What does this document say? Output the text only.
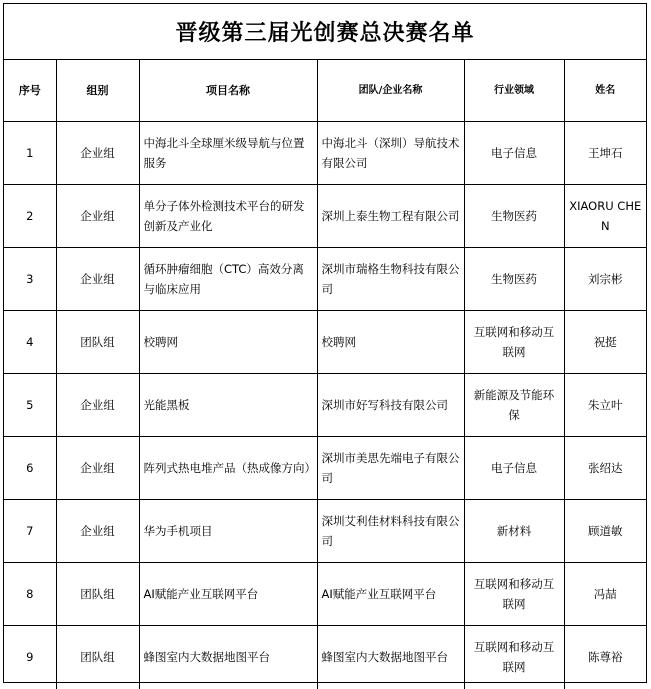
晋级第三届光创赛总决赛名单
序号	组别	项目名称	团队/企业名称	行业领域	姓名
1	企业组	中海北斗全球厘米级导航与位置服务	中海北斗（深圳）导航技术有限公司	电子信息	王坤石
2	企业组	单分子体外检测技术平台的研发创新及产业化	深圳上泰生物工程有限公司	生物医药	XIAORU CHEN
3	企业组	循环肿瘤细胞（CTC）高效分离与临床应用	深圳市瑞格生物科技有限公司	生物医药	刘宗彬
4	团队组	校聘网	校聘网	互联网和移动互联网	祝挺
5	企业组	光能黑板	深圳市好写科技有限公司	新能源及节能环保	朱立叶
6	企业组	阵列式热电堆产品（热成像方向）	深圳市美思先端电子有限公司	电子信息	张绍达
7	企业组	华为手机项目	深圳艾利佳材料科技有限公司	新材料	顾道敏
8	团队组	AI赋能产业互联网平台	AI赋能产业互联网平台	互联网和移动互联网	冯喆
9	团队组	蜂图室内大数据地图平台	蜂图室内大数据地图平台	互联网和移动互联网	陈尊裕
